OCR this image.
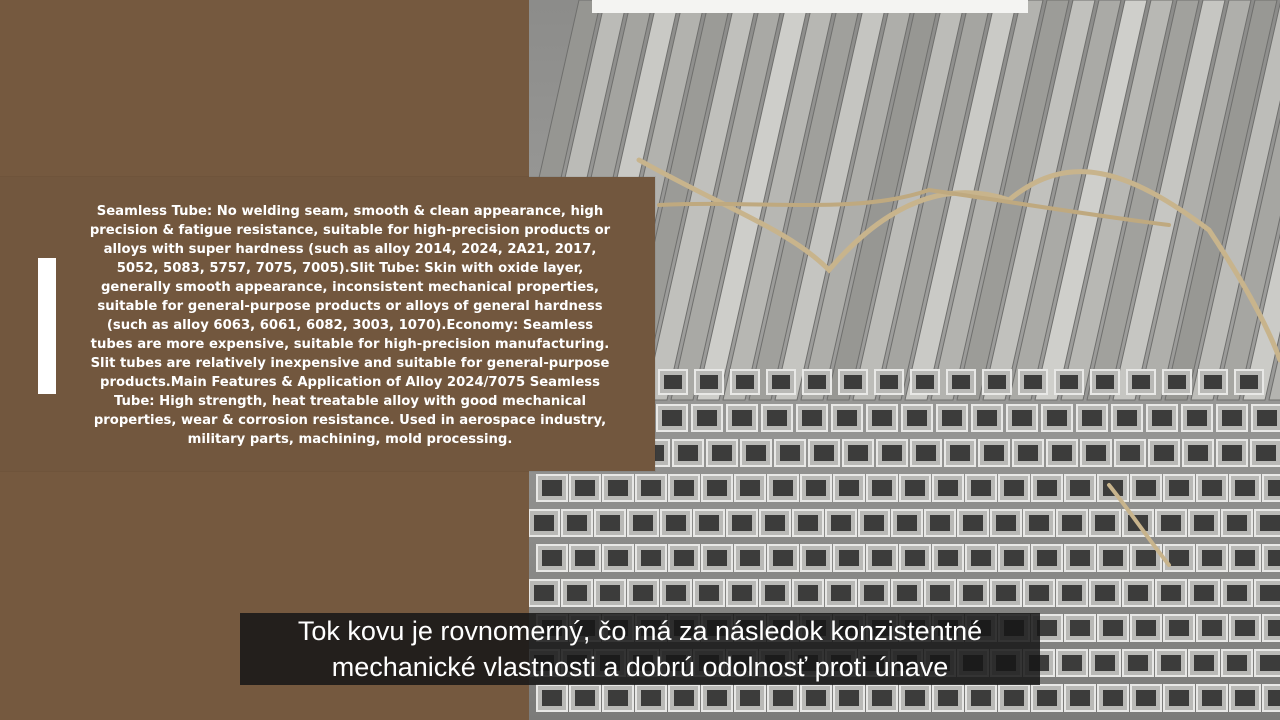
Seamless Tube: No welding seam, smooth & clean appearance, high precision & fatigue resistance, suitable for high-precision products or alloys with super hardness (such as alloy 2014, 2024, 2A21, 2017, 5052, 5083, 5757, 7075, 7005).Slit Tube: Skin with oxide layer, generally smooth appearance, inconsistent mechanical properties, suitable for general-purpose products or alloys of general hardness (such as alloy 6063, 6061, 6082, 3003, 1070).Economy: Seamless tubes are more expensive, suitable for high-precision manufacturing. Slit tubes are relatively inexpensive and suitable for general-purpose products.Main Features & Application of Alloy 2024/7075 Seamless Tube: High strength, heat treatable alloy with good mechanical properties, wear & corrosion resistance. Used in aerospace industry, military parts, machining, mold processing.
Tok kovu je rovnomerný, čo má za následok konzistentné
mechanické vlastnosti a dobrú odolnosť proti únave
